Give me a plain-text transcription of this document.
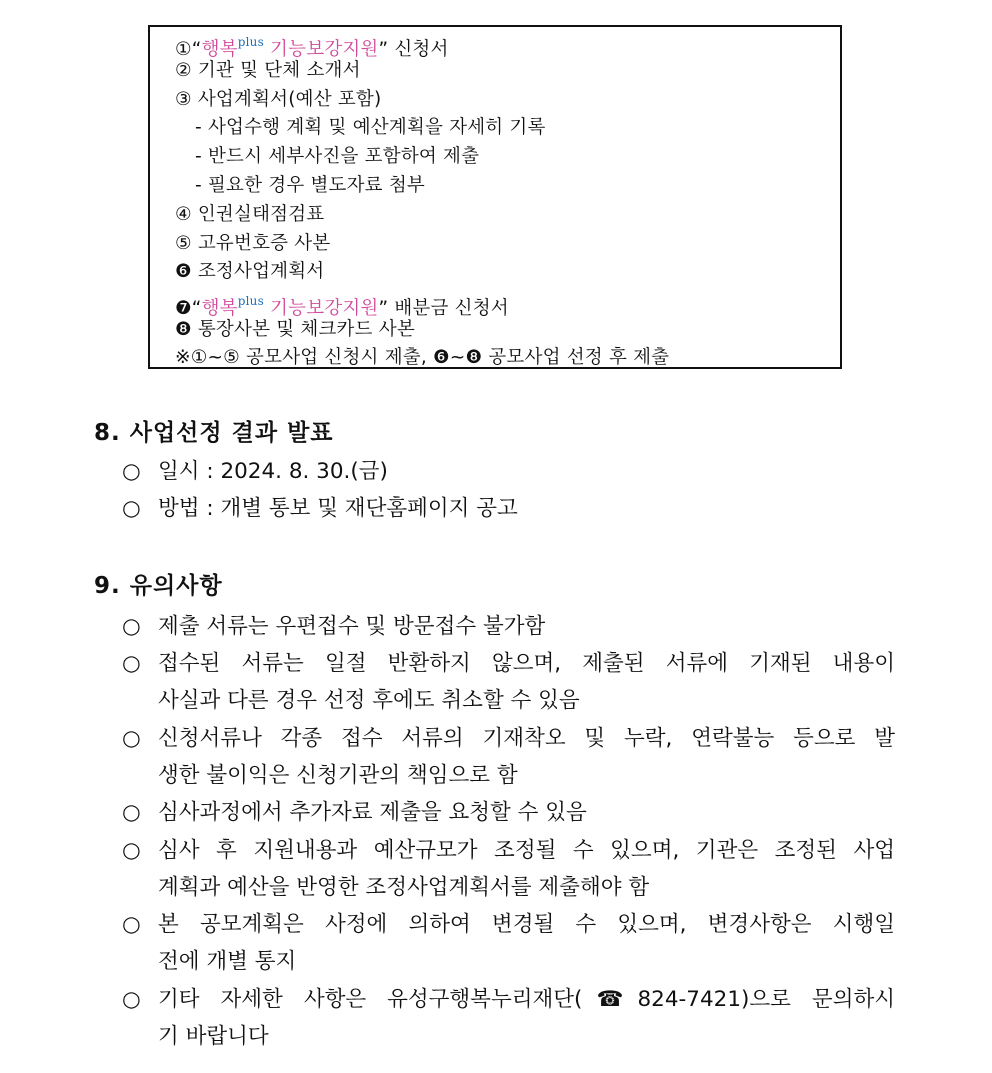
①“행복$^{plus}$ 기능보강지원” 신청서
② 기관 및 단체 소개서
③ 사업계획서(예산 포함)
- 사업수행 계획 및 예산계획을 자세히 기록
- 반드시 세부사진을 포함하여 제출
- 필요한 경우 별도자료 첨부
④ 인권실태점검표
⑤ 고유번호증 사본
❻ 조정사업계획서
❼“행복$^{plus}$ 기능보강지원” 배분금 신청서
❽ 통장사본 및 체크카드 사본
※①~⑤ 공모사업 신청시 제출, ❻~❽ 공모사업 선정 후 제출
8. 사업선정 결과 발표
○ 일시 : 2024. 8. 30.(금)
○ 방법 : 개별 통보 및 재단홈페이지 공고
9. 유의사항
○ 제출 서류는 우편접수 및 방문접수 불가함
○ 접수된 서류는 일절 반환하지 않으며, 제출된 서류에 기재된 내용이
사실과 다른 경우 선정 후에도 취소할 수 있음
○ 신청서류나 각종 접수 서류의 기재착오 및 누락, 연락불능 등으로 발
생한 불이익은 신청기관의 책임으로 함
○ 심사과정에서 추가자료 제출을 요청할 수 있음
○ 심사 후 지원내용과 예산규모가 조정될 수 있으며, 기관은 조정된 사업
계획과 예산을 반영한 조정사업계획서를 제출해야 함
○ 본 공모계획은 사정에 의하여 변경될 수 있으며, 변경사항은 시행일
전에 개별 통지
○ 기타 자세한 사항은 유성구행복누리재단(☎824-7421)으로 문의하시
기 바랍니다
